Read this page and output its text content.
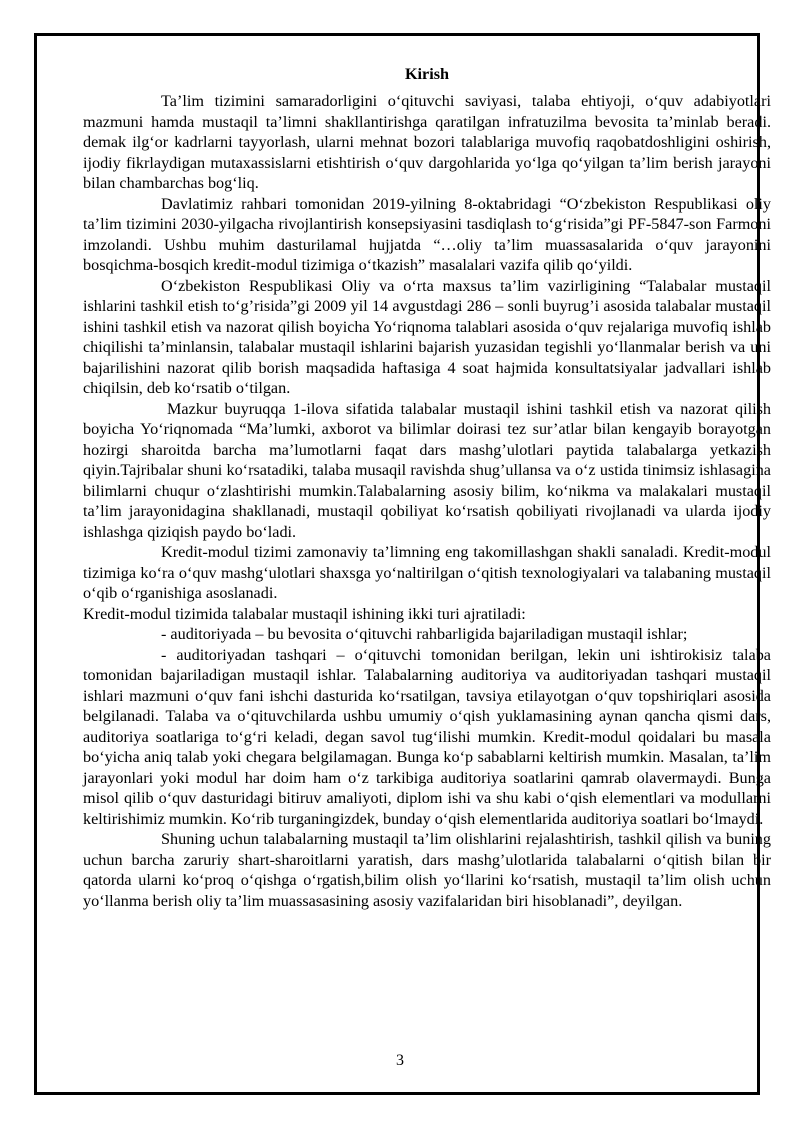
Kirish

Ta’lim tizimini samaradorligini o‘qituvchi saviyasi, talaba ehtiyoji, o‘quv adabiyotlari mazmuni hamda mustaqil ta’limni shakllantirishga qaratilgan infratuzilma bevosita ta’minlab beradi. demak ilg‘or kadrlarni tayyorlash, ularni mehnat bozori talablariga muvofiq raqobatdoshligini oshirish, ijodiy fikrlaydigan mutaxassislarni etishtirish o‘quv dargohlarida yo‘lga qo‘yilgan ta’lim berish jarayoni bilan chambarchas bog‘liq.

Davlatimiz rahbari tomonidan 2019-yilning 8-oktabridagi “O‘zbekiston Respublikasi oliy ta’lim tizimini 2030-yilgacha rivojlantirish konsepsiyasini tasdiqlash to‘g‘risida”gi PF-5847-son Farmoni imzolandi. Ushbu muhim dasturilamal hujjatda “…oliy ta’lim muassasalarida o‘quv jarayonini bosqichma-bosqich kredit-modul tizimiga o‘tkazish” masalalari vazifa qilib qo‘yildi.

O‘zbekiston Respublikasi Oliy va o‘rta maxsus ta’lim vazirligining “Talabalar mustaqil ishlarini tashkil etish to‘g’risida”gi 2009 yil 14 avgustdagi 286 – sonli buyrug’i asosida talabalar mustaqil ishini tashkil etish va nazorat qilish boyicha Yo‘riqnoma talablari asosida o‘quv rejalariga muvofiq ishlab chiqilishi ta’minlansin, talabalar mustaqil ishlarini bajarish yuzasidan tegishli yo‘llanmalar berish va uni bajarilishini nazorat qilib borish maqsadida haftasiga 4 soat hajmida konsultatsiyalar jadvallari ishlab chiqilsin, deb ko‘rsatib o‘tilgan.

Mazkur buyruqqa 1-ilova sifatida talabalar mustaqil ishini tashkil etish va nazorat qilish boyicha Yo‘riqnomada “Ma’lumki, axborot va bilimlar doirasi tez sur’atlar bilan kengayib borayotgan hozirgi sharoitda barcha ma’lumotlarni faqat dars mashg’ulotlari paytida talabalarga yetkazish qiyin.Tajribalar shuni ko‘rsatadiki, talaba musaqil ravishda shug’ullansa va o‘z ustida tinimsiz ishlasagina bilimlarni chuqur o‘zlashtirishi mumkin.Talabalarning asosiy bilim, ko‘nikma va malakalari mustaqil ta’lim jarayonidagina shakllanadi, mustaqil qobiliyat ko‘rsatish qobiliyati rivojlanadi va ularda ijodiy ishlashga qiziqish paydo bo‘ladi.

Kredit-modul tizimi zamonaviy ta’limning eng takomillashgan shakli sanaladi. Kredit-modul tizimiga ko‘ra o‘quv mashg‘ulotlari shaxsga yo‘naltirilgan o‘qitish texnologiyalari va talabaning mustaqil o‘qib o‘rganishiga asoslanadi.

Kredit-modul tizimida talabalar mustaqil ishining ikki turi ajratiladi:

- auditoriyada – bu bevosita o‘qituvchi rahbarligida bajariladigan mustaqil ishlar;

- auditoriyadan tashqari – o‘qituvchi tomonidan berilgan, lekin uni ishtirokisiz talaba tomonidan bajariladigan mustaqil ishlar. Talabalarning auditoriya va auditoriyadan tashqari mustaqil ishlari mazmuni o‘quv fani ishchi dasturida ko‘rsatilgan, tavsiya etilayotgan o‘quv topshiriqlari asosida belgilanadi. Talaba va o‘qituvchilarda ushbu umumiy o‘qish yuklamasining aynan qancha qismi dars, auditoriya soatlariga to‘g‘ri keladi, degan savol tug‘ilishi mumkin. Kredit-modul qoidalari bu masala bo‘yicha aniq talab yoki chegara belgilamagan. Bunga ko‘p sabablarni keltirish mumkin. Masalan, ta’lim jarayonlari yoki modul har doim ham o‘z tarkibiga auditoriya soatlarini qamrab olavermaydi. Bunga misol qilib o‘quv dasturidagi bitiruv amaliyoti, diplom ishi va shu kabi o‘qish elementlari va modullarni keltirishimiz mumkin. Ko‘rib turganingizdek, bunday o‘qish elementlarida auditoriya soatlari bo‘lmaydi.

Shuning uchun talabalarning mustaqil ta’lim olishlarini rejalashtirish, tashkil qilish va buning uchun barcha zaruriy shart-sharoitlarni yaratish, dars mashg’ulotlarida talabalarni o‘qitish bilan bir qatorda ularni ko‘proq o‘qishga o‘rgatish,bilim olish yo‘llarini ko‘rsatish, mustaqil ta’lim olish uchun yo‘llanma berish oliy ta’lim muassasasining asosiy vazifalaridan biri hisoblanadi”, deyilgan.

3
